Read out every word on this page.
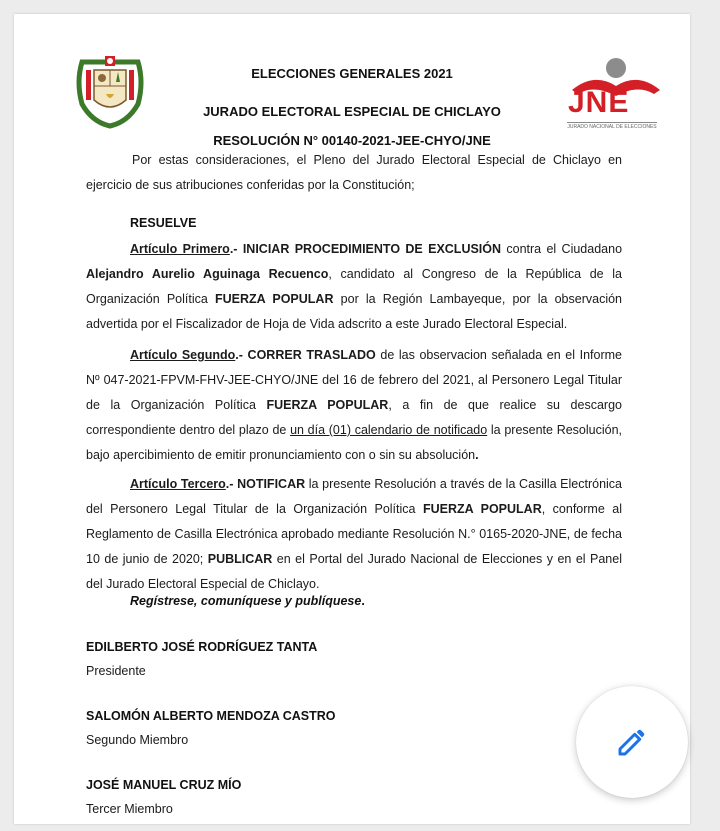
JNE
JURADO NACIONAL DE ELECCIONES
ELECCIONES GENERALES 2021
JURADO ELECTORAL ESPECIAL DE CHICLAYO
RESOLUCIÓN N° 00140-2021-JEE-CHYO/JNE

Por estas consideraciones, el Pleno del Jurado Electoral Especial de Chiclayo en ejercicio de sus atribuciones conferidas por la Constitución;

RESUELVE

Artículo Primero.- INICIAR PROCEDIMIENTO DE EXCLUSIÓN contra el Ciudadano Alejandro Aurelio Aguinaga Recuenco, candidato al Congreso de la República de la Organización Política FUERZA POPULAR por la Región Lambayeque, por la observación advertida por el Fiscalizador de Hoja de Vida adscrito a este Jurado Electoral Especial.

Artículo Segundo.- CORRER TRASLADO de las observacion señalada en el Informe Nº 047-2021-FPVM-FHV-JEE-CHYO/JNE del 16 de febrero del 2021, al Personero Legal Titular de la Organización Política FUERZA POPULAR, a fin de que realice su descargo correspondiente dentro del plazo de un día (01) calendario de notificado la presente Resolución, bajo apercibimiento de emitir pronunciamiento con o sin su absolución.

Artículo Tercero.- NOTIFICAR la presente Resolución a través de la Casilla Electrónica del Personero Legal Titular de la Organización Política FUERZA POPULAR, conforme al Reglamento de Casilla Electrónica aprobado mediante Resolución N.° 0165-2020-JNE, de fecha 10 de junio de 2020; PUBLICAR en el Portal del Jurado Nacional de Elecciones y en el Panel del Jurado Electoral Especial de Chiclayo.

Regístrese, comuníquese y publíquese.
EDILBERTO JOSÉ RODRÍGUEZ TANTA
Presidente
SALOMÓN ALBERTO MENDOZA CASTRO
Segundo Miembro
JOSÉ MANUEL CRUZ MÍO
Tercer Miembro
